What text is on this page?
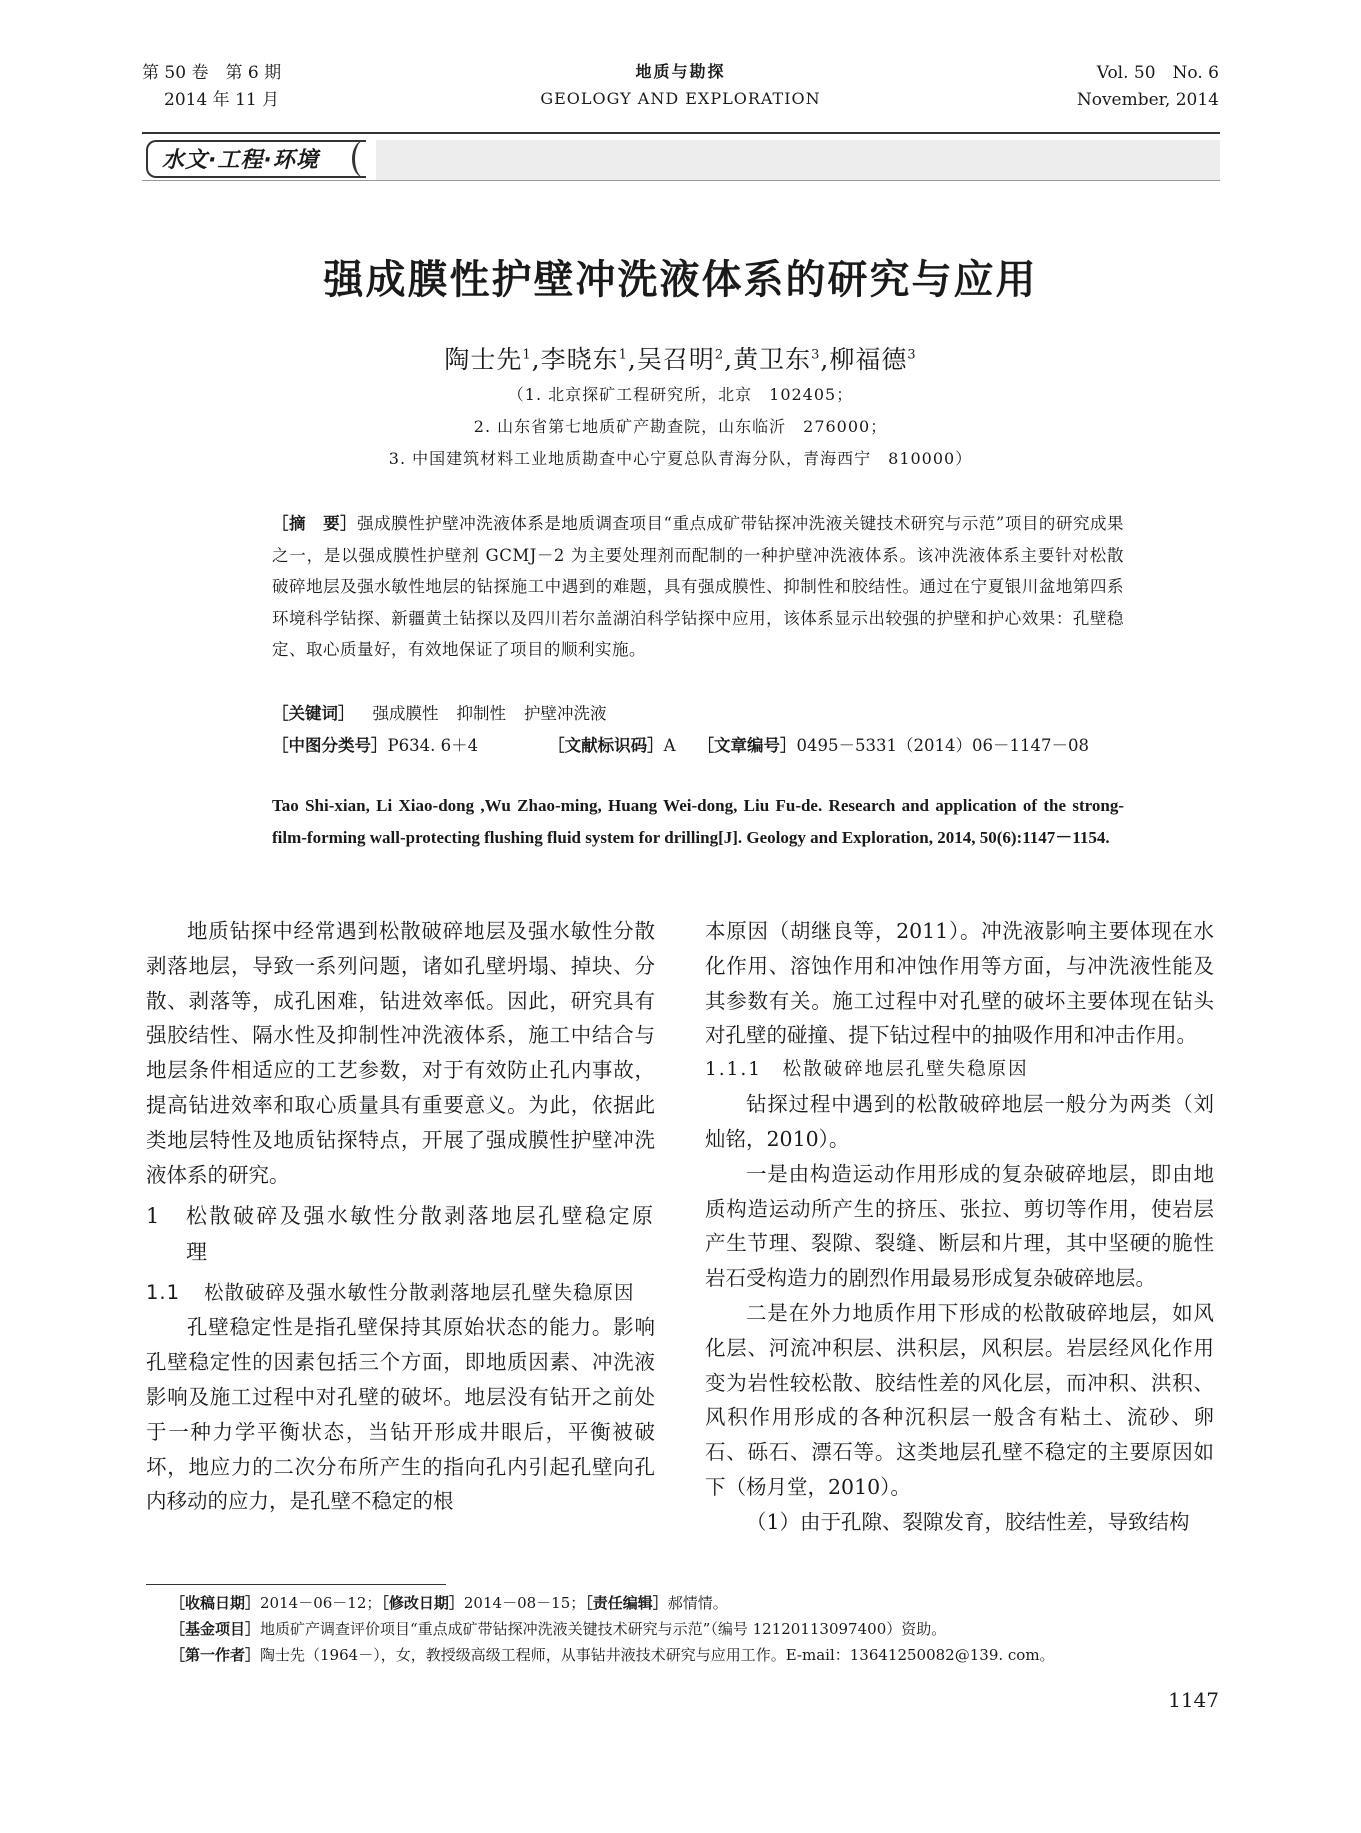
第 50 卷　第 6 期
2014 年 11 月
地质与勘探
GEOLOGY AND EXPLORATION
Vol. 50　No. 6
November, 2014
水文·工程·环境
强成膜性护壁冲洗液体系的研究与应用
陶士先$^1$,李晓东$^1$,吴召明$^2$,黄卫东$^3$,柳福德$^3$
（1. 北京探矿工程研究所，北京　102405；
2. 山东省第七地质矿产勘查院，山东临沂　276000；
3. 中国建筑材料工业地质勘查中心宁夏总队青海分队，青海西宁　810000）
［摘　要］强成膜性护壁冲洗液体系是地质调查项目“重点成矿带钻探冲洗液关键技术研究与示范”项目的研究成果之一，是以强成膜性护壁剂 GCMJ－2 为主要处理剂而配制的一种护壁冲洗液体系。该冲洗液体系主要针对松散破碎地层及强水敏性地层的钻探施工中遇到的难题，具有强成膜性、抑制性和胶结性。通过在宁夏银川盆地第四系环境科学钻探、新疆黄土钻探以及四川若尔盖湖泊科学钻探中应用，该体系显示出较强的护壁和护心效果：孔壁稳定、取心质量好，有效地保证了项目的顺利实施。
［关键词］ 强成膜性 抑制性 护壁冲洗液
［中图分类号］P634. 6＋4	［文献标识码］A ［文章编号］0495－5331（2014）06－1147－08
Tao Shi-xian, Li Xiao-dong ,Wu Zhao-ming, Huang Wei-dong, Liu Fu-de. Research and application of the strong-film-forming wall-protecting flushing fluid system for drilling[J]. Geology and Exploration, 2014, 50(6):1147－1154.

地质钻探中经常遇到松散破碎地层及强水敏性分散剥落地层，导致一系列问题，诸如孔壁坍塌、掉块、分散、剥落等，成孔困难，钻进效率低。因此，研究具有强胶结性、隔水性及抑制性冲洗液体系，施工中结合与地层条件相适应的工艺参数，对于有效防止孔内事故，提高钻进效率和取心质量具有重要意义。为此，依据此类地层特性及地质钻探特点，开展了强成膜性护壁冲洗液体系的研究。

1	松散破碎及强水敏性分散剥落地层孔壁稳定原理
1.1	松散破碎及强水敏性分散剥落地层孔壁失稳原因

孔壁稳定性是指孔壁保持其原始状态的能力。影响孔壁稳定性的因素包括三个方面，即地质因素、冲洗液影响及施工过程中对孔壁的破坏。地层没有钻开之前处于一种力学平衡状态，当钻开形成井眼后，平衡被破坏，地应力的二次分布所产生的指向孔内引起孔壁向孔内移动的应力，是孔壁不稳定的根

本原因（胡继良等，2011）。冲洗液影响主要体现在水化作用、溶蚀作用和冲蚀作用等方面，与冲洗液性能及其参数有关。施工过程中对孔壁的破坏主要体现在钻头对孔壁的碰撞、提下钻过程中的抽吸作用和冲击作用。

1.1.1　 松散破碎地层孔壁失稳原因

钻探过程中遇到的松散破碎地层一般分为两类（刘灿铭，2010）。

一是由构造运动作用形成的复杂破碎地层，即由地质构造运动所产生的挤压、张拉、剪切等作用，使岩层产生节理、裂隙、裂缝、断层和片理，其中坚硬的脆性岩石受构造力的剧烈作用最易形成复杂破碎地层。

二是在外力地质作用下形成的松散破碎地层，如风化层、河流冲积层、洪积层，风积层。岩层经风化作用变为岩性较松散、胶结性差的风化层，而冲积、洪积、风积作用形成的各种沉积层一般含有粘土、流砂、卵石、砾石、漂石等。这类地层孔壁不稳定的主要原因如下（杨月堂，2010）。

（1）由于孔隙、裂隙发育，胶结性差，导致结构

［收稿日期］2014－06－12；［修改日期］2014－08－15；［责任编辑］郝情情。
［基金项目］地质矿产调查评价项目“重点成矿带钻探冲洗液关键技术研究与示范”（编号 12120113097400）资助。
［第一作者］陶士先（1964－），女，教授级高级工程师，从事钻井液技术研究与应用工作。E-mail：13641250082@139. com。
1147
